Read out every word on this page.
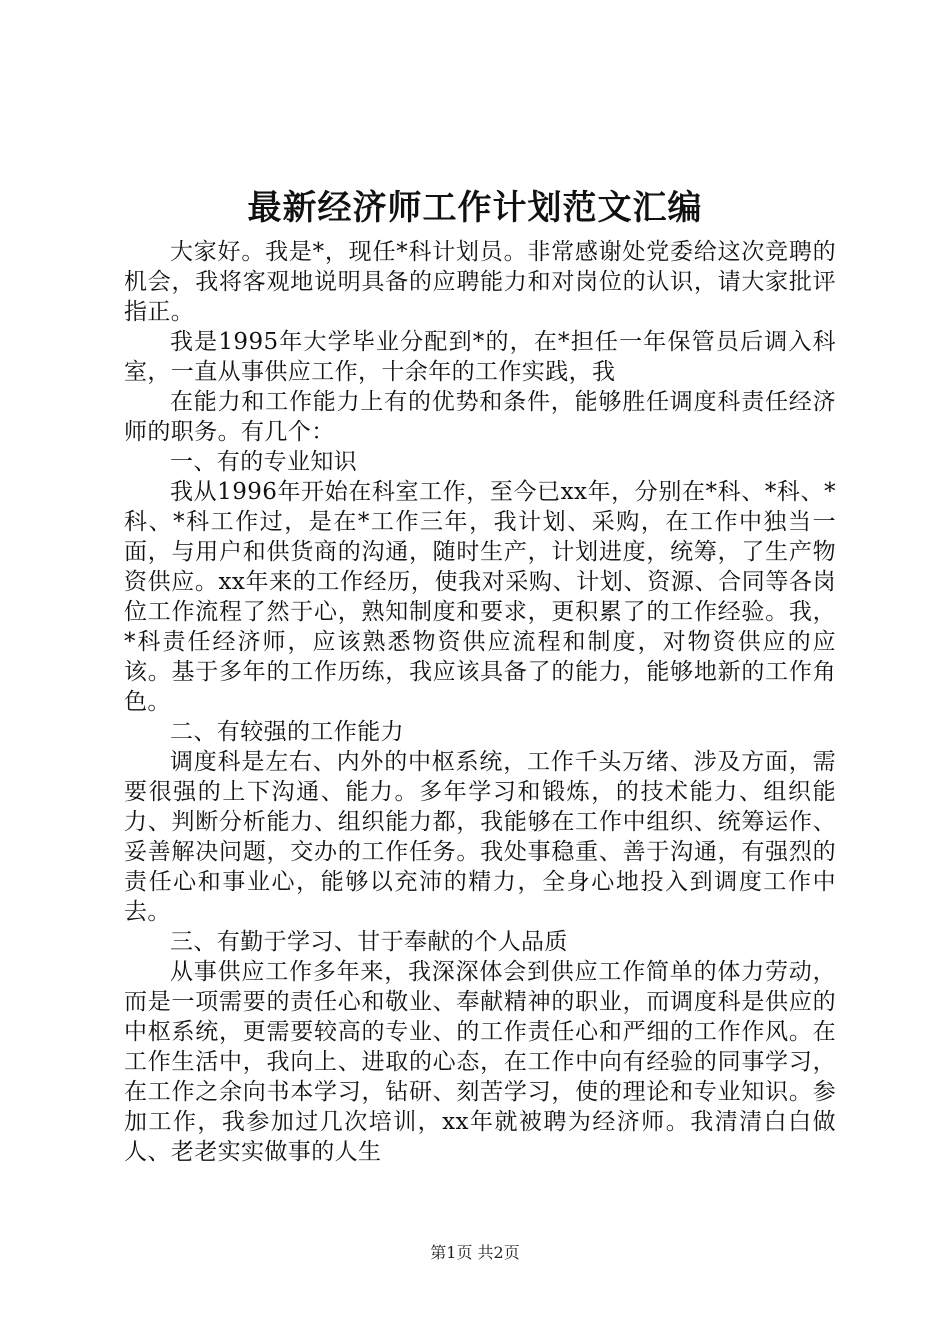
最新经济师工作计划范文汇编

大家好。我是*，现任*科计划员。非常感谢处党委给这次竞聘的机会，我将客观地说明具备的应聘能力和对岗位的认识，请大家批评指正。

我是1995年大学毕业分配到*的，在*担任一年保管员后调入科室，一直从事供应工作，十余年的工作实践，我

在能力和工作能力上有的优势和条件，能够胜任调度科责任经济师的职务。有几个：

一、有的专业知识

我从1996年开始在科室工作，至今已xx年，分别在*科、*科、*科、*科工作过，是在*工作三年，我计划、采购，在工作中独当一面，与用户和供货商的沟通，随时生产，计划进度，统筹，了生产物资供应。xx年来的工作经历，使我对采购、计划、资源、合同等各岗位工作流程了然于心，熟知制度和要求，更积累了的工作经验。我，*科责任经济师，应该熟悉物资供应流程和制度，对物资供应的应该。基于多年的工作历练，我应该具备了的能力，能够地新的工作角色。

二、有较强的工作能力

调度科是左右、内外的中枢系统，工作千头万绪、涉及方面，需要很强的上下沟通、能力。多年学习和锻炼，的技术能力、组织能力、判断分析能力、组织能力都，我能够在工作中组织、统筹运作、妥善解决问题，交办的工作任务。我处事稳重、善于沟通，有强烈的责任心和事业心，能够以充沛的精力，全身心地投入到调度工作中去。

三、有勤于学习、甘于奉献的个人品质

从事供应工作多年来，我深深体会到供应工作简单的体力劳动，而是一项需要的责任心和敬业、奉献精神的职业，而调度科是供应的中枢系统，更需要较高的专业、的工作责任心和严细的工作作风。在工作生活中，我向上、进取的心态，在工作中向有经验的同事学习，在工作之余向书本学习，钻研、刻苦学习，使的理论和专业知识。参加工作，我参加过几次培训，xx年就被聘为经济师。我清清白白做人、老老实实做事的人生

第1页 共2页
